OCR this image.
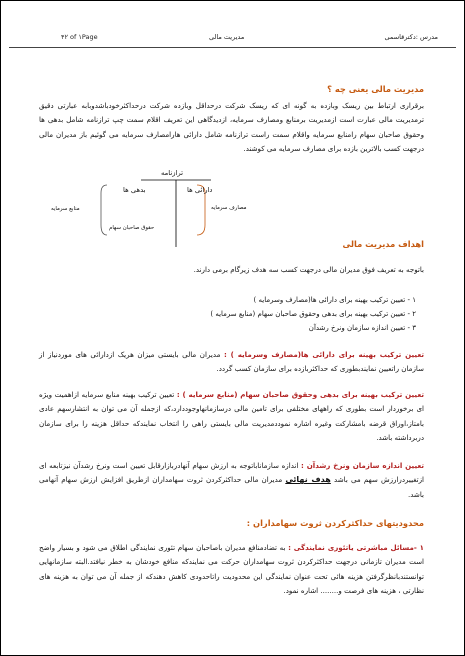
۴۲ of ۱Page	مدیریت مالی	مدرس :دکترقاسمی
مدیریت مالی یعنی چه ؟
برقراری ارتباط بین ریسک وبازده به گونه ای که ریسک شرکت درحداقل وبازده شرکت درحداکثرخودباشدوبابه عبارتی دقیق ترمدیریت مالی عبارت است ازمدیریت برمنابع ومصارف سرمایه، ازدیدگاهی این تعریف اقلام سمت چپ ترازنامه شامل بدهی ها وحقوق صاحبان سهام رامنابع سرمایه واقلام سمت راست ترازنامه شامل دارائی هارامصارف سرمایه می گوئیم باز مدیران مالی درجهت کسب بالاترین بازده برای مصارف سرمایه می کوشند.
ترازنامه
دارائی ها
بدهی ها
مصارف سرمایه
منابع سرمایه
حقوق صاحبان سهام
اهداف مدیریت مالی
باتوجه به تعریف فوق مدیران مالی درجهت کسب سه هدف زیرگام برمی دارند.
۱ - تعیین ترکیب بهینه برای دارائی ها(مصارف وسرمایه )
۲ - تعیین ترکیب بهینه برای بدهی وحقوق صاحبان سهام (منابع سرمایه )
۳ - تعیین اندازه سازمان ونرخ رشدآن
تعیین ترکیب بهینه برای دارائی ها(مصارف وسرمایه ) : مدیران مالی بایستی میزان هریک ازدارائی های موردنیاز از سازمان راتعیین نمایندبطوری که حداکثربازده برای سازمان کسب گردد.
تعیین ترکیب بهینه برای بدهی وحقوق صاحبان سهام (منابع سرمایه ) : تعیین ترکیب بهینه منابع سرمایه ازاهمیت ویژه ای برخوردار است بطوری که راههای مختلفی برای تامین مالی درسازمانهاوجوددارد،که ازجمله آن می توان به انتشارسهم عادی بامتاز،اوراق قرضه بامشارکت وغیره اشاره نموددمدیریت مالی بایستی راهی را انتخاب نمایندکه حداقل هزینه را برای سازمان دربرداشته باشد.
تعیین اندازه سازمان ونرخ رشدآن : اندازه سازماناباتوجه به ارزش سهام آنهادربازارقابل تعیین است ونرخ رشدآن نیزتابعه ای ازتغییردرارزش سهم می باشد هدف نهائی مدیران مالی حداکثرکردن ثروت سهامداران ازطریق افزایش ارزش سهام آنهامی باشد.
محدودیتهای حداکثرکردن ثروت سهامداران :
۱ -مسائل مباشرتی یاتئوری نمایندگی : به تضادمنافع مدیران باصاحبان سهام تئوری نمایندگی اطلاق می شود و بسیار واضح است مدیران تازمانی درجهت حداکثرکردن ثروت سهامداران حرکت می نمایندکه منافع خودشان به خطر نیافتد.البته سازمانهایی توانستندبانظرگرفتن هزینه هائی تحت عنوان نمایندگی این محدودیت راتاحدودی کاهش دهندکه از جمله آن می توان به هزینه های نظارتی ، هزینه های فرصت و........ اشاره نمود.
